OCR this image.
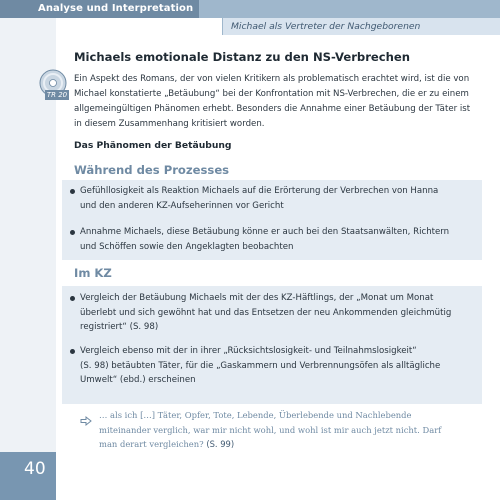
Analyse und Interpretation
Michael als Vertreter der Nachgeborenen
TR 20
Michaels emotionale Distanz zu den NS-Verbrechen
Ein Aspekt des Romans, der von vielen Kritikern als problematisch erachtet wird, ist die von
Michael konstatierte „Betäubung“ bei der Konfrontation mit NS-Verbrechen, die er zu einem
allgemeingültigen Phänomen erhebt. Besonders die Annahme einer Betäubung der Täter ist
in diesem Zusammenhang kritisiert worden.
Das Phänomen der Betäubung
Während des Prozesses
Gefühllosigkeit als Reaktion Michaels auf die Erörterung der Verbrechen von Hanna
und den anderen KZ-Aufseherinnen vor Gericht
Annahme Michaels, diese Betäubung könne er auch bei den Staatsanwälten, Richtern
und Schöffen sowie den Angeklagten beobachten
Im KZ
Vergleich der Betäubung Michaels mit der des KZ-Häftlings, der „Monat um Monat
überlebt und sich gewöhnt hat und das Entsetzen der neu Ankommenden gleichmütig
registriert“ (S. 98)
Vergleich ebenso mit der in ihrer „Rücksichtslosigkeit- und Teilnahmslosigkeit“
(S. 98) betäubten Täter, für die „Gaskammern und Verbrennungsöfen als alltägliche
Umwelt“ (ebd.) erscheinen
… als ich […] Täter, Opfer, Tote, Lebende, Überlebende und Nachlebende
miteinander verglich, war mir nicht wohl, und wohl ist mir auch jetzt nicht. Darf
man derart vergleichen? (S. 99)
40
